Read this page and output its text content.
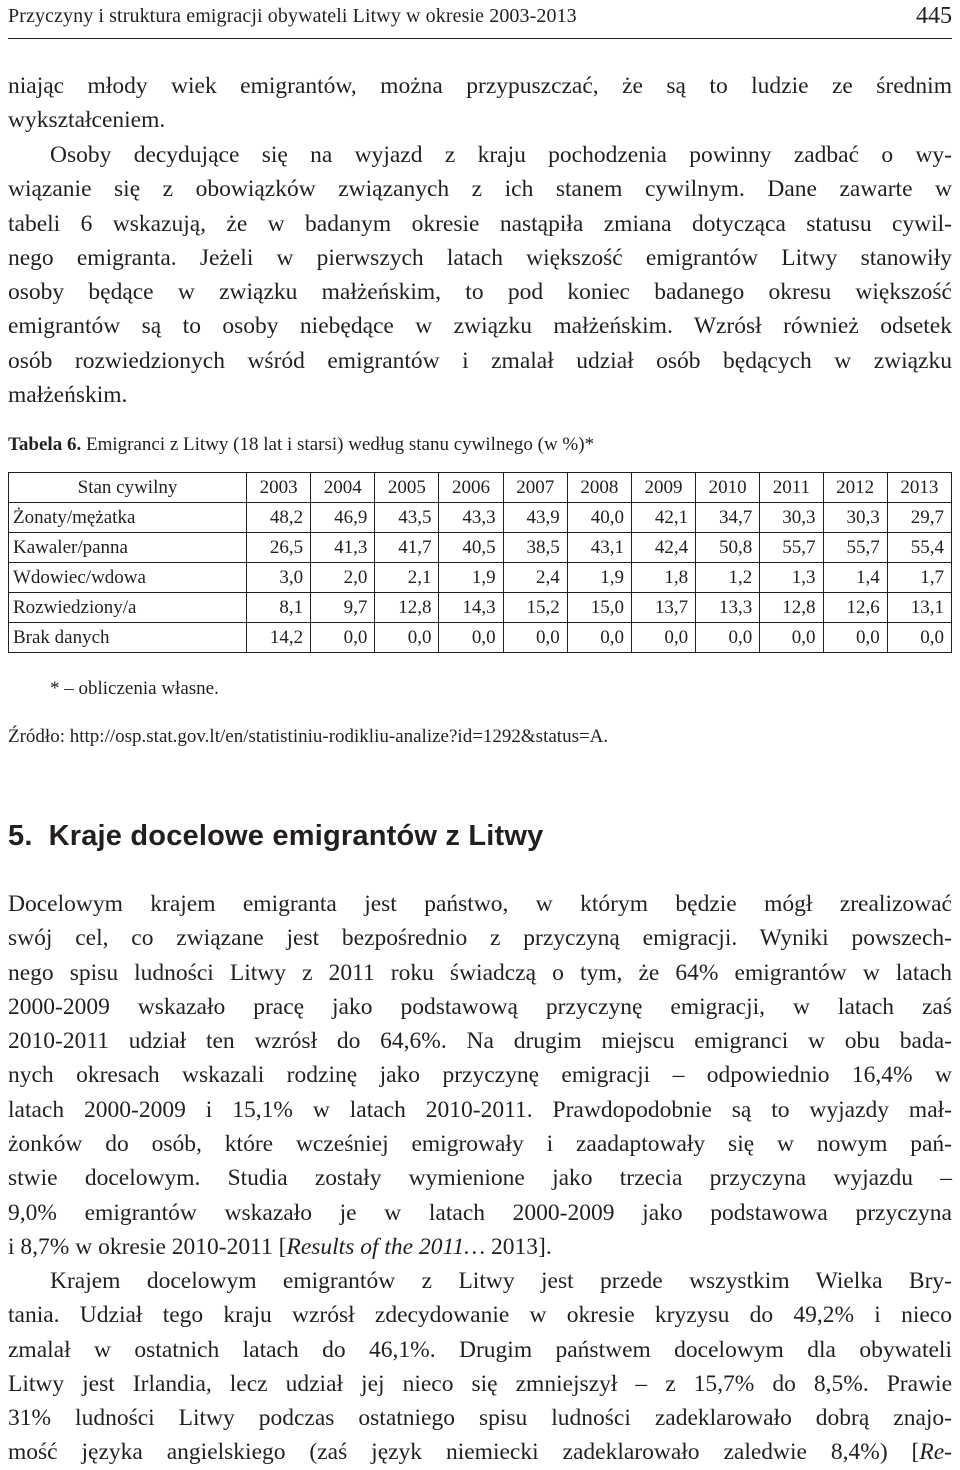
Przyczyny i struktura emigracji obywateli Litwy w okresie 2003-2013	445
niając młody wiek emigrantów, można przypuszczać, że są to ludzie ze średnim
wykształceniem.
Osoby decydujące się na wyjazd z kraju pochodzenia powinny zadbać o wy-
wiązanie się z obowiązków związanych z ich stanem cywilnym. Dane zawarte w
tabeli 6 wskazują, że w badanym okresie nastąpiła zmiana dotycząca statusu cywil-
nego emigranta. Jeżeli w pierwszych latach większość emigrantów Litwy stanowiły
osoby będące w związku małżeńskim, to pod koniec badanego okresu większość
emigrantów są to osoby niebędące w związku małżeńskim. Wzrósł również odsetek
osób rozwiedzionych wśród emigrantów i zmalał udział osób będących w związku
małżeńskim.
Tabela 6. Emigranci z Litwy (18 lat i starsi) według stanu cywilnego (w %)*
Stan cywilny	2003	2004	2005	2006	2007	2008	2009	2010	2011	2012	2013
Żonaty/mężatka	48,2	46,9	43,5	43,3	43,9	40,0	42,1	34,7	30,3	30,3	29,7
Kawaler/panna	26,5	41,3	41,7	40,5	38,5	43,1	42,4	50,8	55,7	55,7	55,4
Wdowiec/wdowa	3,0	2,0	2,1	1,9	2,4	1,9	1,8	1,2	1,3	1,4	1,7
Rozwiedziony/a	8,1	9,7	12,8	14,3	15,2	15,0	13,7	13,3	12,8	12,6	13,1
Brak danych	14,2	0,0	0,0	0,0	0,0	0,0	0,0	0,0	0,0	0,0	0,0
* – obliczenia własne.
Źródło: http://osp.stat.gov.lt/en/statistiniu-rodikliu-analize?id=1292&status=A.
5. Kraje docelowe emigrantów z Litwy
Docelowym krajem emigranta jest państwo, w którym będzie mógł zrealizować
swój cel, co związane jest bezpośrednio z przyczyną emigracji. Wyniki powszech-
nego spisu ludności Litwy z 2011 roku świadczą o tym, że 64% emigrantów w latach
2000-2009 wskazało pracę jako podstawową przyczynę emigracji, w latach zaś
2010-2011 udział ten wzrósł do 64,6%. Na drugim miejscu emigranci w obu bada-
nych okresach wskazali rodzinę jako przyczynę emigracji – odpowiednio 16,4% w
latach 2000-2009 i 15,1% w latach 2010-2011. Prawdopodobnie są to wyjazdy mał-
żonków do osób, które wcześniej emigrowały i zaadaptowały się w nowym pań-
stwie docelowym. Studia zostały wymienione jako trzecia przyczyna wyjazdu –
9,0% emigrantów wskazało je w latach 2000-2009 jako podstawowa przyczyna
i 8,7% w okresie 2010-2011 [Results of the 2011… 2013].
Krajem docelowym emigrantów z Litwy jest przede wszystkim Wielka Bry-
tania. Udział tego kraju wzrósł zdecydowanie w okresie kryzysu do 49,2% i nieco
zmalał w ostatnich latach do 46,1%. Drugim państwem docelowym dla obywateli
Litwy jest Irlandia, lecz udział jej nieco się zmniejszył – z 15,7% do 8,5%. Prawie
31% ludności Litwy podczas ostatniego spisu ludności zadeklarowało dobrą znajo-
mość języka angielskiego (zaś język niemiecki zadeklarowało zaledwie 8,4%) [Re-
